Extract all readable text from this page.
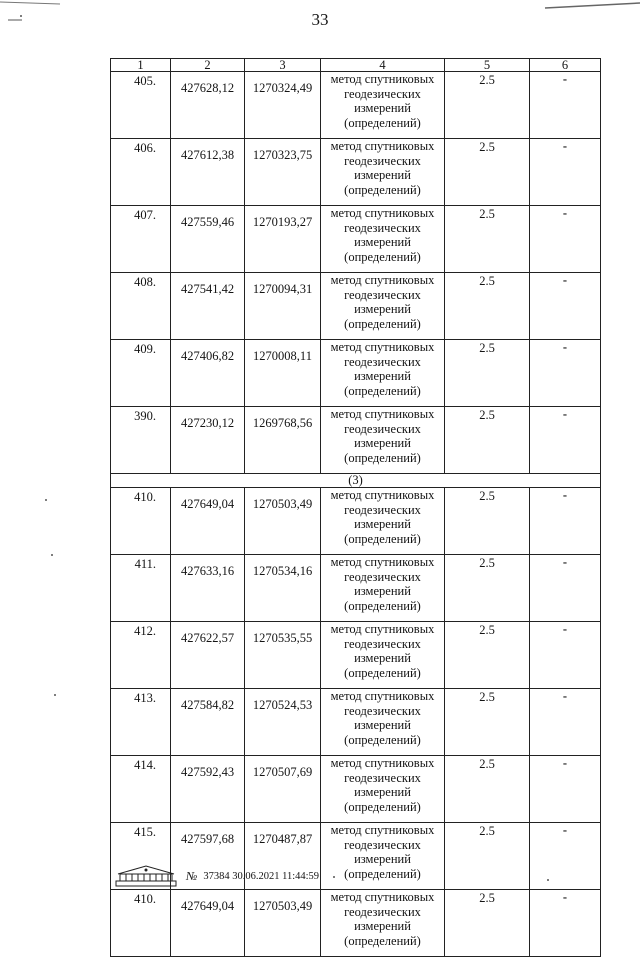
33
1	2	3	4	5	6
405.	427628,12	1270324,49	метод спутниковых
геодезических
измерений
(определений)	2.5	-
406.	427612,38	1270323,75	метод спутниковых
геодезических
измерений
(определений)	2.5	-
407.	427559,46	1270193,27	метод спутниковых
геодезических
измерений
(определений)	2.5	-
408.	427541,42	1270094,31	метод спутниковых
геодезических
измерений
(определений)	2.5	-
409.	427406,82	1270008,11	метод спутниковых
геодезических
измерений
(определений)	2.5	-
390.	427230,12	1269768,56	метод спутниковых
геодезических
измерений
(определений)	2.5	-
(3)					
410.	427649,04	1270503,49	метод спутниковых
геодезических
измерений
(определений)	2.5	-
411.	427633,16	1270534,16	метод спутниковых
геодезических
измерений
(определений)	2.5	-
412.	427622,57	1270535,55	метод спутниковых
геодезических
измерений
(определений)	2.5	-
413.	427584,82	1270524,53	метод спутниковых
геодезических
измерений
(определений)	2.5	-
414.	427592,43	1270507,69	метод спутниковых
геодезических
измерений
(определений)	2.5	-
415.	427597,68	1270487,87	метод спутниковых
геодезических
измерений
(определений)	2.5	-
410.	427649,04	1270503,49	метод спутниковых
геодезических
измерений
(определений)	2.5	-
№ 37384 30.06.2021 11:44:59
